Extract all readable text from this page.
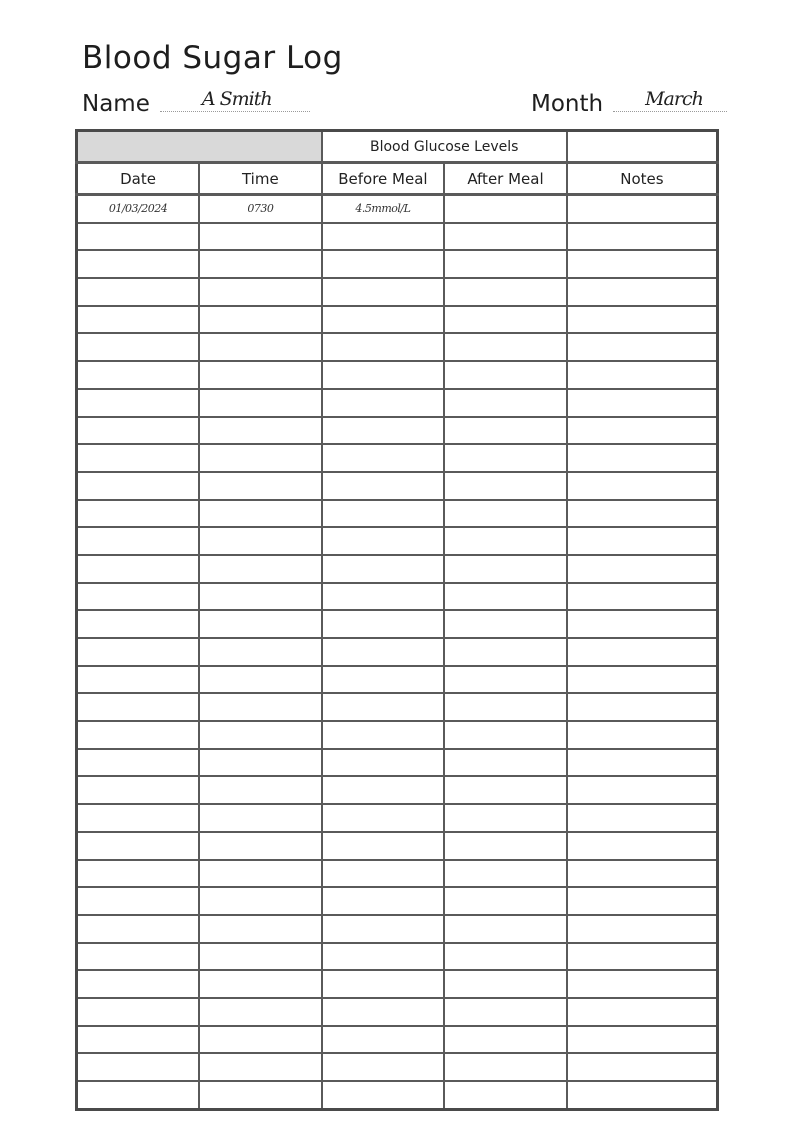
Blood Sugar Log
Name	A Smith	Month March
		Blood Glucose Levels		
Date	Time	Before Meal	After Meal	Notes
01/03/2024	0730	4.5mmol/L		
